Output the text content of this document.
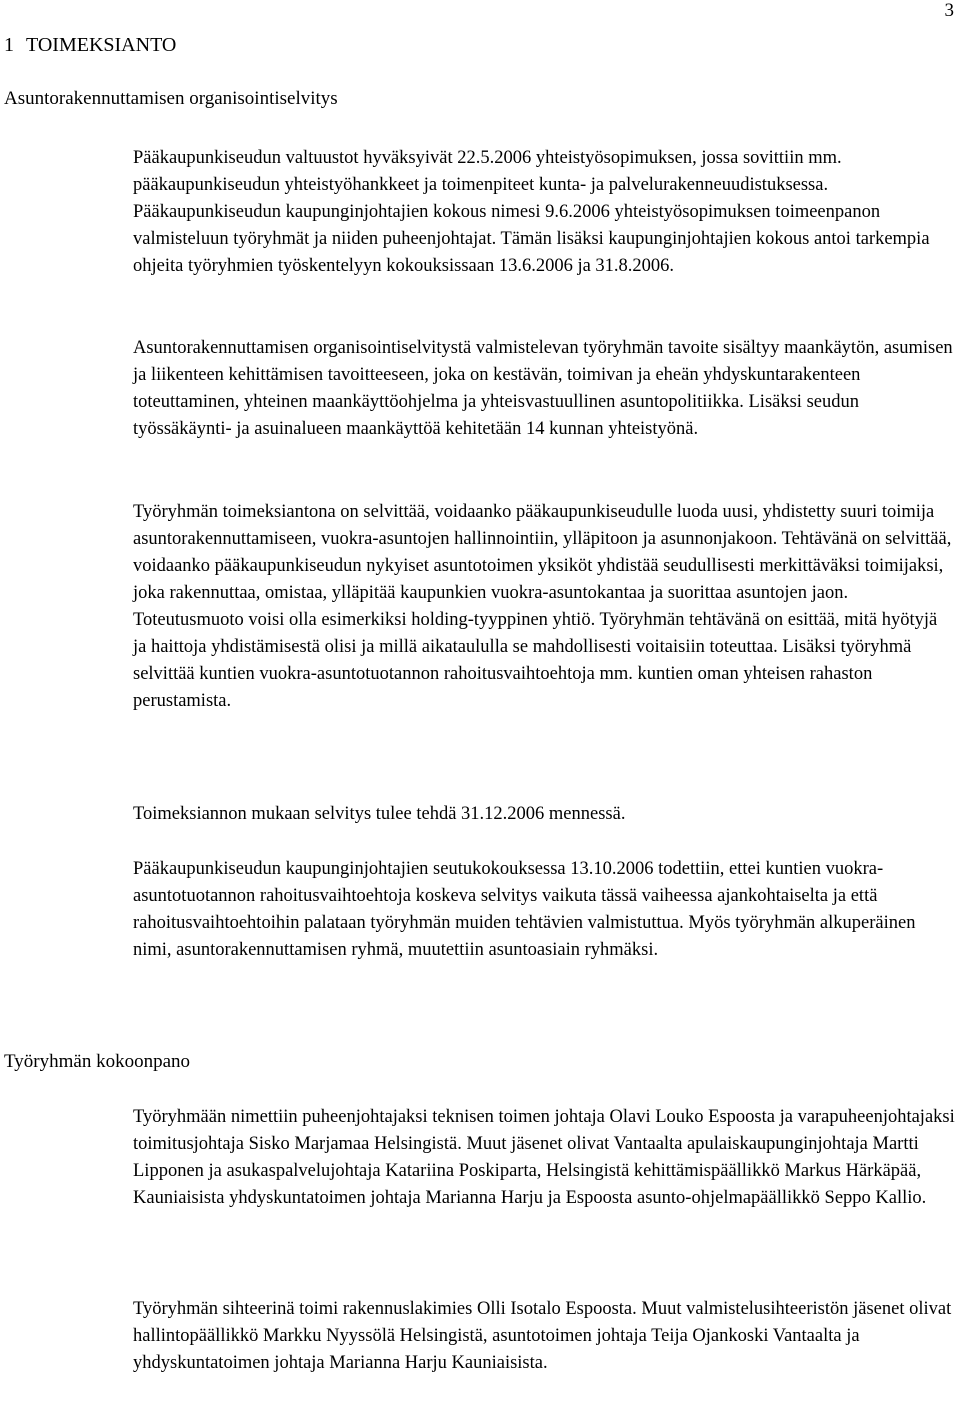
3
1 TOIMEKSIANTO
Asuntorakennuttamisen organisointiselvitys

Pääkaupunkiseudun valtuustot hyväksyivät 22.5.2006 yhteistyösopimuksen, jossa sovittiin mm. pääkaupunkiseudun yhteistyöhankkeet ja toimenpiteet kunta- ja palvelurakenneuudistuksessa. Pääkaupunkiseudun kaupunginjohtajien kokous nimesi 9.6.2006 yhteistyösopimuksen toimeenpanon valmisteluun työryhmät ja niiden puheenjohtajat. Tämän lisäksi kaupunginjohtajien kokous antoi tarkempia ohjeita työryhmien työskentelyyn kokouksissaan 13.6.2006 ja 31.8.2006.

Asuntorakennuttamisen organisointiselvitystä valmistelevan työryhmän tavoite sisältyy maankäytön, asumisen ja liikenteen kehittämisen tavoitteeseen, joka on kestävän, toimivan ja eheän yhdyskuntarakenteen toteuttaminen, yhteinen maankäyttöohjelma ja yhteisvastuullinen asuntopolitiikka. Lisäksi seudun työssäkäynti- ja asuinalueen maankäyttöä kehitetään 14 kunnan yhteistyönä.

Työryhmän toimeksiantona on selvittää, voidaanko pääkaupunkiseudulle luoda uusi, yhdistetty suuri toimija asuntorakennuttamiseen, vuokra-asuntojen hallinnointiin, ylläpitoon ja asunnonjakoon. Tehtävänä on selvittää, voidaanko pääkaupunkiseudun nykyiset asuntotoimen yksiköt yhdistää seudullisesti merkittäväksi toimijaksi, joka rakennuttaa, omistaa, ylläpitää kaupunkien vuokra-asuntokantaa ja suorittaa asuntojen jaon. Toteutusmuoto voisi olla esimerkiksi holding-tyyppinen yhtiö. Työryhmän tehtävänä on esittää, mitä hyötyjä ja haittoja yhdistämisestä olisi ja millä aikataululla se mahdollisesti voitaisiin toteuttaa. Lisäksi työryhmä selvittää kuntien vuokra-asuntotuotannon rahoitusvaihtoehtoja mm. kuntien oman yhteisen rahaston perustamista.

Toimeksiannon mukaan selvitys tulee tehdä 31.12.2006 mennessä.

Pääkaupunkiseudun kaupunginjohtajien seutukokouksessa 13.10.2006 todettiin, ettei kuntien vuokra-asuntotuotannon rahoitusvaihtoehtoja koskeva selvitys vaikuta tässä vaiheessa ajankohtaiselta ja että rahoitusvaihtoehtoihin palataan työryhmän muiden tehtävien valmistuttua. Myös työryhmän alkuperäinen nimi, asuntorakennuttamisen ryhmä, muutettiin asuntoasiain ryhmäksi.

Työryhmän kokoonpano

Työryhmään nimettiin puheenjohtajaksi teknisen toimen johtaja Olavi Louko Espoosta ja varapuheenjohtajaksi toimitusjohtaja Sisko Marjamaa Helsingistä. Muut jäsenet olivat Vantaalta apulaiskaupunginjohtaja Martti Lipponen ja asukaspalvelujohtaja Katariina Poskiparta, Helsingistä kehittämispäällikkö Markus Härkäpää, Kauniaisista yhdyskuntatoimen johtaja Marianna Harju ja Espoosta asunto-ohjelmapäällikkö Seppo Kallio.

Työryhmän sihteerinä toimi rakennuslakimies Olli Isotalo Espoosta. Muut valmistelusihteeristön jäsenet olivat hallintopäällikkö Markku Nyyssölä Helsingistä, asuntotoimen johtaja Teija Ojankoski Vantaalta ja yhdyskuntatoimen johtaja Marianna Harju Kauniaisista.
